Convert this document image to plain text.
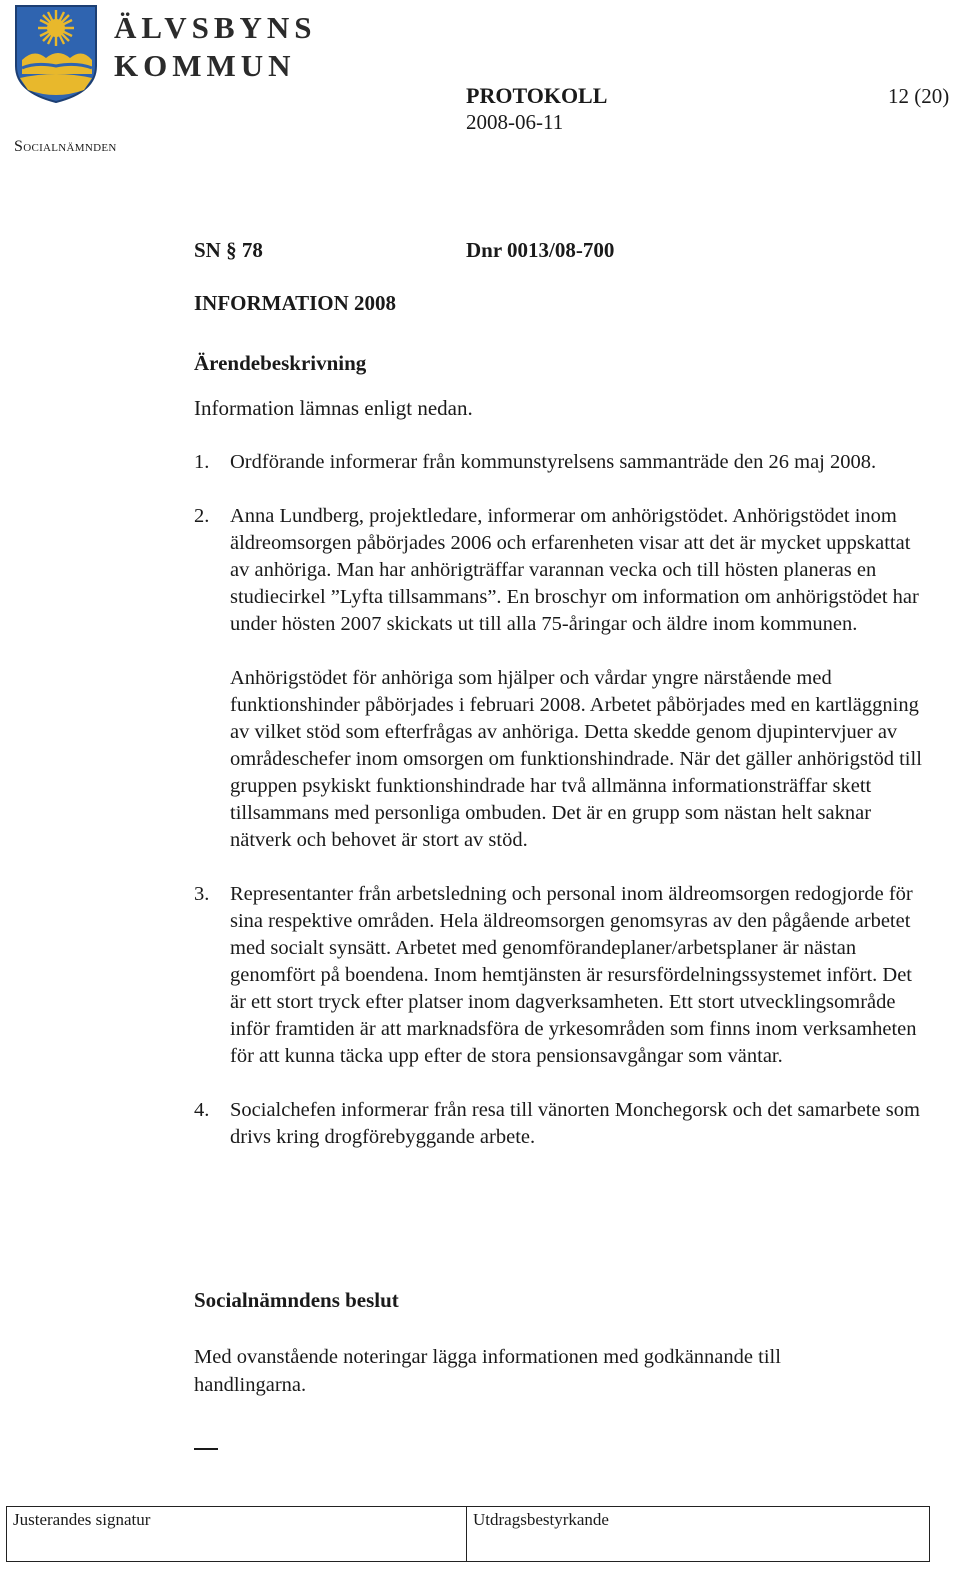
ÄLVSBYNS
KOMMUN
PROTOKOLL	12 (20)
2008-06-11
Socialnämnden
SN § 78	Dnr 0013/08-700
INFORMATION 2008
Ärendebeskrivning
Information lämnas enligt nedan.
1.	Ordförande informerar från kommunstyrelsens sammanträde den 26 maj 2008.

2.	Anna Lundberg, projektledare, informerar om anhörigstödet. Anhörigstödet inom äldreomsorgen påbörjades 2006 och erfarenheten visar att det är mycket uppskattat av anhöriga. Man har anhörigträffar varannan vecka och till hösten planeras en studiecirkel ”Lyfta tillsammans”. En broschyr om information om anhörigstödet har under hösten 2007 skickats ut till alla 75-åringar och äldre inom kommunen.

Anhörigstödet för anhöriga som hjälper och vårdar yngre närstående med funktionshinder påbörjades i februari 2008. Arbetet påbörjades med en kartläggning av vilket stöd som efterfrågas av anhöriga. Detta skedde genom djupintervjuer av områdeschefer inom omsorgen om funktionshindrade. När det gäller anhörigstöd till gruppen psykiskt funktionshindrade har två allmänna informationsträffar skett tillsammans med personliga ombuden. Det är en grupp som nästan helt saknar nätverk och behovet är stort av stöd.

3.	Representanter från arbetsledning och personal inom äldreomsorgen redogjorde för sina respektive områden. Hela äldreomsorgen genomsyras av den pågående arbetet med socialt synsätt. Arbetet med genomförandeplaner/arbetsplaner är nästan genomfört på boendena. Inom hemtjänsten är resursfördelningssystemet infört. Det är ett stort tryck efter platser inom dagverksamheten. Ett stort utvecklingsområde inför framtiden är att marknadsföra de yrkesområden som finns inom verksamheten för att kunna täcka upp efter de stora pensionsavgångar som väntar.

4.	Socialchefen informerar från resa till vänorten Monchegorsk och det samarbete som drivs kring drogförebyggande arbete.

Socialnämndens beslut
Med ovanstående noteringar lägga informationen med godkännande till handlingarna.
Justerandes signatur	Utdragsbestyrkande
